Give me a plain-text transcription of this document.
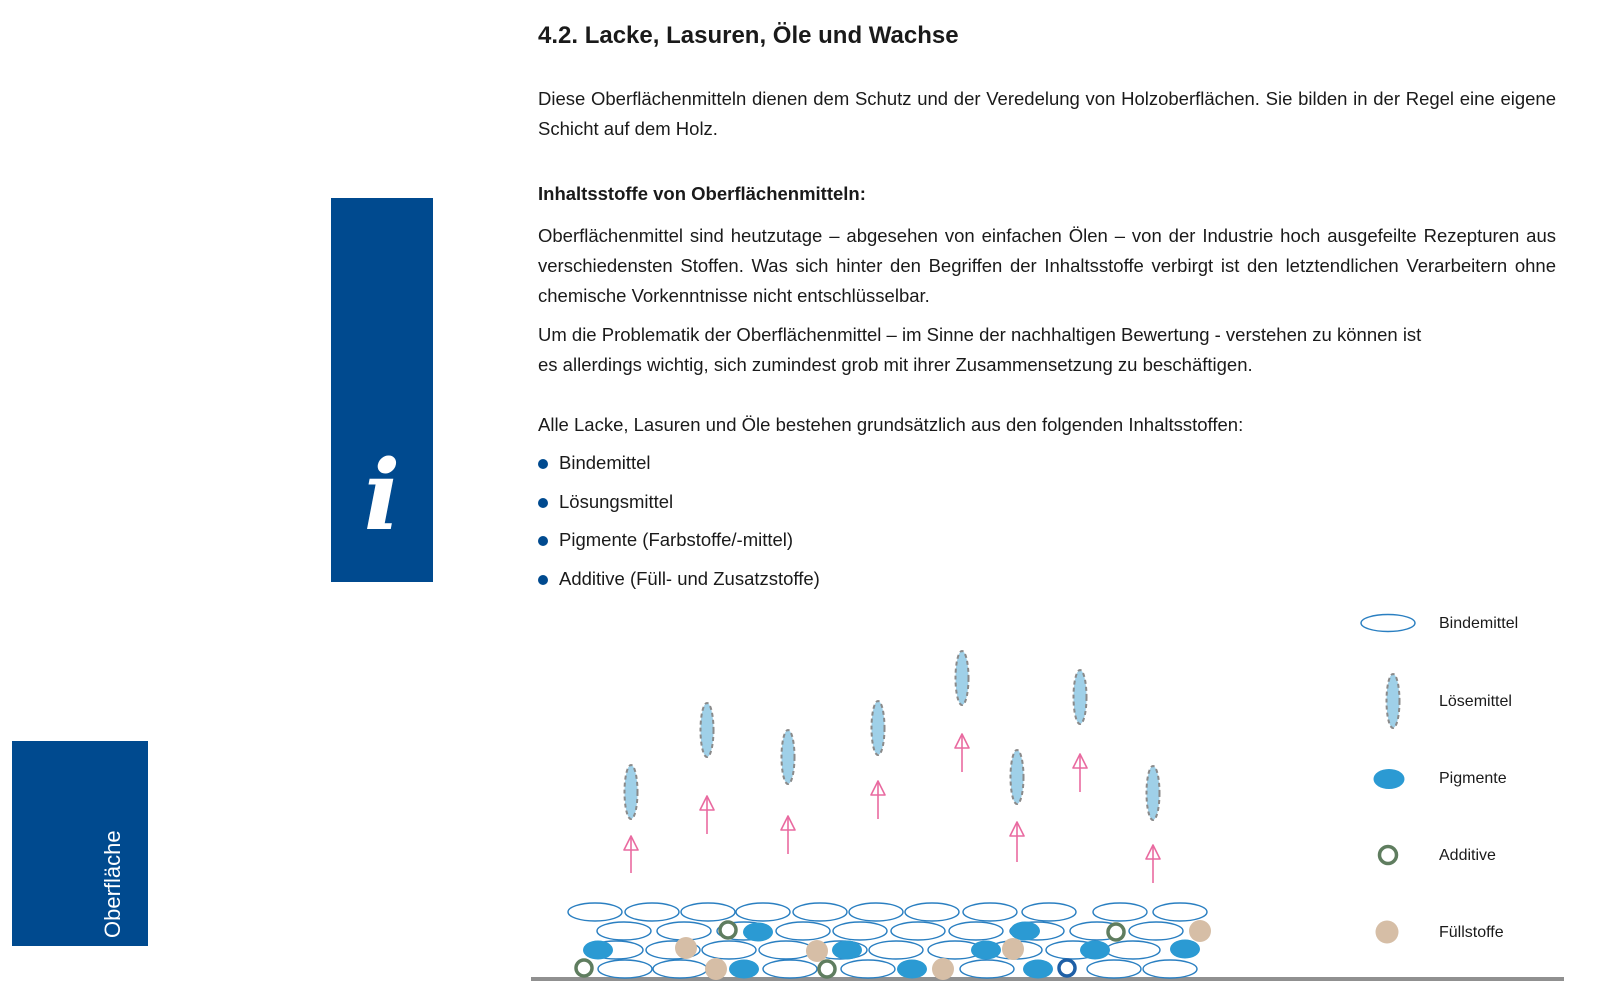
Oberfläche
i
4.2. Lacke, Lasuren, Öle und Wachse

Diese Oberflächenmitteln dienen dem Schutz und der Veredelung von Holzoberflächen. Sie bilden in der Regel eine eigene Schicht auf dem Holz.

Inhaltsstoffe von Oberflächenmitteln:

Oberflächenmittel sind heutzutage – abgesehen von einfachen Ölen – von der Industrie hoch ausgefeilte Rezepturen aus verschiedensten Stoffen. Was sich hinter den Begriffen der Inhaltsstoffe verbirgt ist den letztendlichen Verarbeitern ohne chemische Vorkenntnisse nicht entschlüsselbar.

Um die Problematik der Oberflächenmittel – im Sinne der nachhaltigen Bewertung - verstehen zu können ist
es allerdings wichtig, sich zumindest grob mit ihrer Zusammensetzung zu beschäftigen.

Alle Lacke, Lasuren und Öle bestehen grundsätzlich aus den folgenden Inhaltsstoffen:

Bindemittel
Lösungsmittel
Pigmente (Farbstoffe/-mittel)
Additive (Füll- und Zusatzstoffe)
Bindemittel
Lösemittel
Pigmente
Additive
Füllstoffe
